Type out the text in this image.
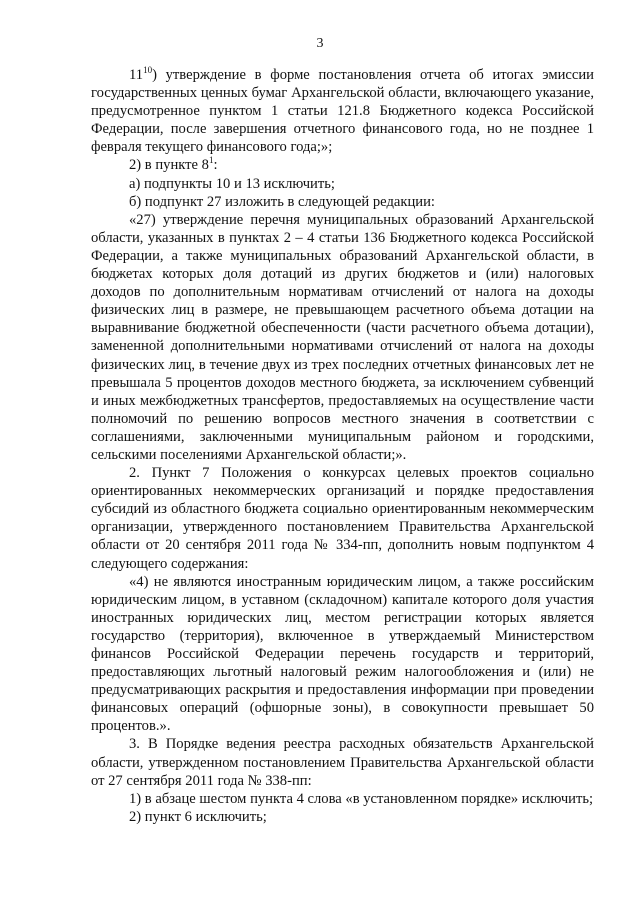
3

$11^{10}$) утверждение в форме постановления отчета об итогах эмиссии государственных ценных бумаг Архангельской области, включающего указание, предусмотренное пунктом 1 статьи 121.8 Бюджетного кодекса Российской Федерации, после завершения отчетного финансового года, но не позднее 1 февраля текущего финансового года;»;

2) в пункте $8^1$:

а) подпункты 10 и 13 исключить;

б) подпункт 27 изложить в следующей редакции:

«27) утверждение перечня муниципальных образований Архангельской области, указанных в пунктах 2 – 4 статьи 136 Бюджетного кодекса Российской Федерации, а также муниципальных образований Архангельской области, в бюджетах которых доля дотаций из других бюджетов и (или) налоговых доходов по дополнительным нормативам отчислений от налога на доходы физических лиц в размере, не превышающем расчетного объема дотации на выравнивание бюджетной обеспеченности (части расчетного объема дотации), замененной дополнительными нормативами отчислений от налога на доходы физических лиц, в течение двух из трех последних отчетных финансовых лет не превышала 5 процентов доходов местного бюджета, за исключением субвенций и иных межбюджетных трансфертов, предоставляемых на осуществление части полномочий по решению вопросов местного значения в соответствии с соглашениями, заключенными муниципальным районом и городскими, сельскими поселениями Архангельской области;».

2. Пункт 7 Положения о конкурсах целевых проектов социально ориентированных некоммерческих организаций и порядке предоставления субсидий из областного бюджета социально ориентированным некоммерческим организации, утвержденного постановлением Правительства Архангельской области от 20 сентября 2011 года № 334-пп, дополнить новым подпунктом 4 следующего содержания:

«4) не являются иностранным юридическим лицом, а также российским юридическим лицом, в уставном (складочном) капитале которого доля участия иностранных юридических лиц, местом регистрации которых является государство (территория), включенное в утверждаемый Министерством финансов Российской Федерации перечень государств и территорий, предоставляющих льготный налоговый режим налогообложения и (или) не предусматривающих раскрытия и предоставления информации при проведении финансовых операций (офшорные зоны), в совокупности превышает 50 процентов.».

3. В Порядке ведения реестра расходных обязательств Архангельской области, утвержденном постановлением Правительства Архангельской области от 27 сентября 2011 года № 338-пп:

1) в абзаце шестом пункта 4 слова «в установленном порядке» исключить;

2) пункт 6 исключить;
